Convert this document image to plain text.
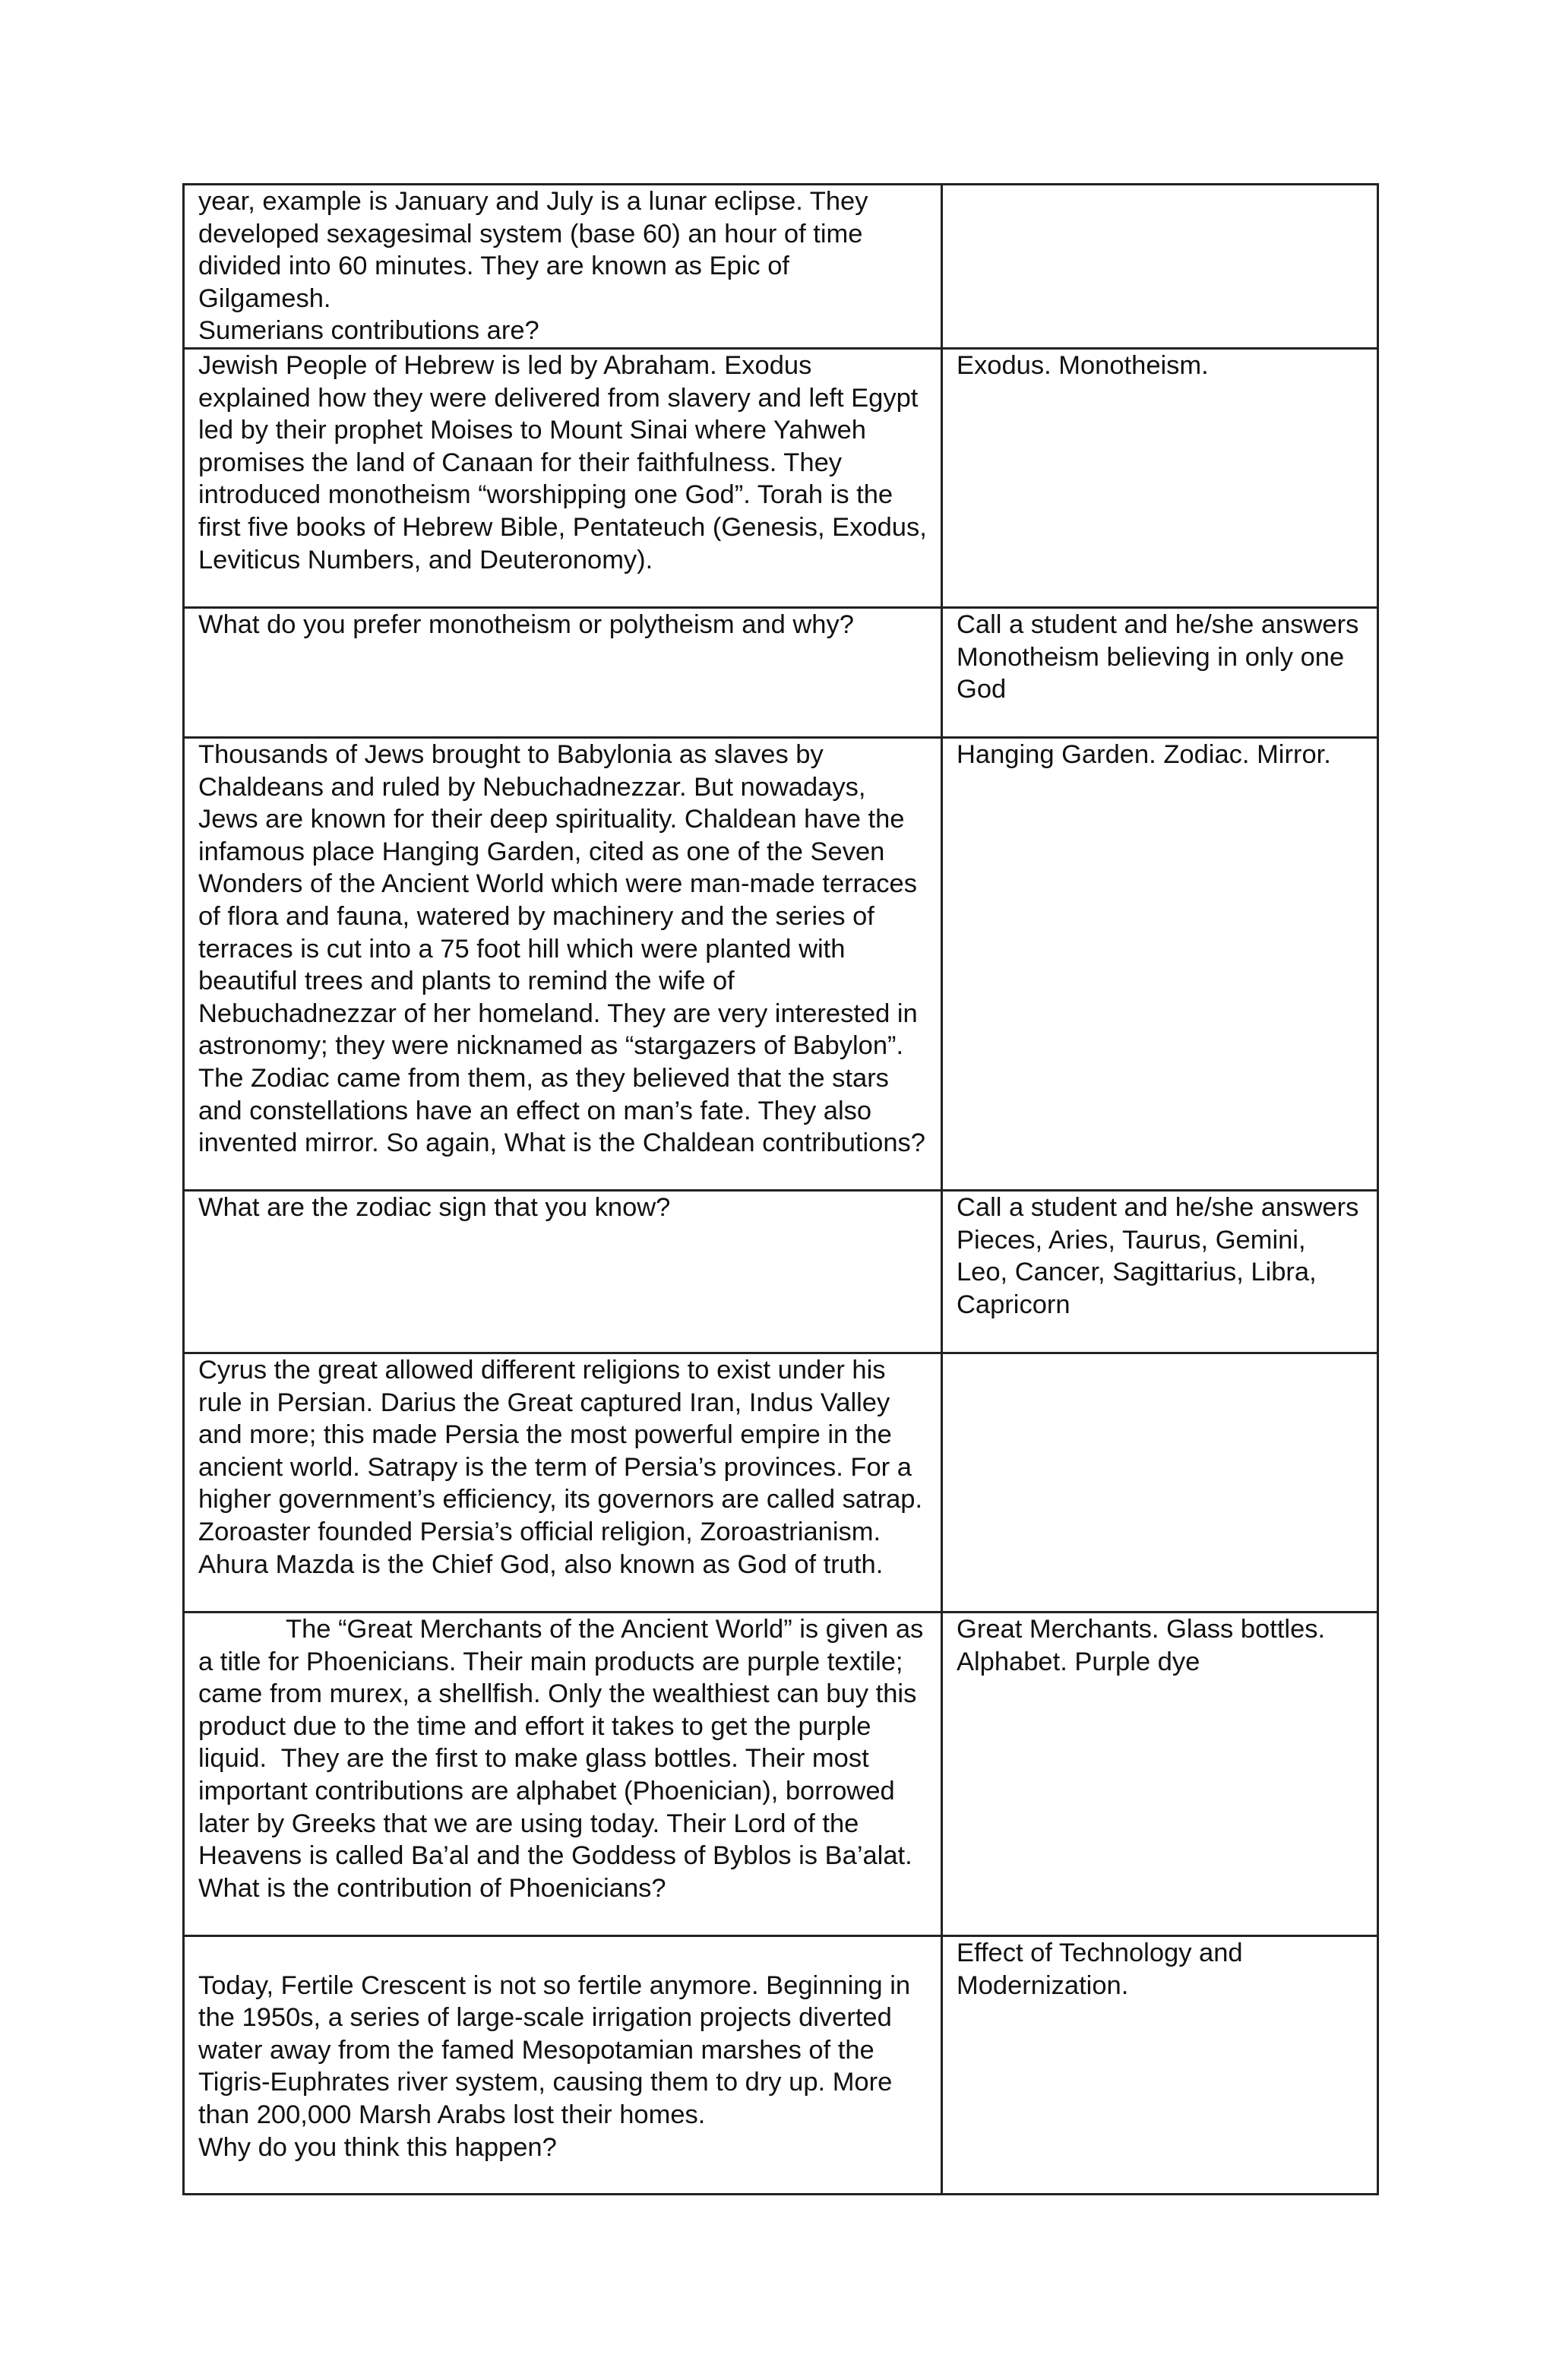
year, example is January and July is a lunar eclipse. They developed sexagesimal system (base 60) an hour of time divided into 60 minutes. They are known as Epic of Gilgamesh.
Sumerians contributions are?	

Jewish People of Hebrew is led by Abraham. Exodus explained how they were delivered from slavery and left Egypt led by their prophet Moises to Mount Sinai where Yahweh promises the land of Canaan for their faithfulness. They introduced monotheism “worshipping one God”. Torah is the first five books of Hebrew Bible, Pentateuch (Genesis, Exodus, Leviticus Numbers, and Deuteronomy).	Exodus. Monotheism.

What do you prefer monotheism or polytheism and why?	Call a student and he/she answers
Monotheism believing in only one God

Thousands of Jews brought to Babylonia as slaves by Chaldeans and ruled by Nebuchadnezzar. But nowadays, Jews are known for their deep spirituality. Chaldean have the infamous place Hanging Garden, cited as one of the Seven Wonders of the Ancient World which were man-made terraces of flora and fauna, watered by machinery and the series of terraces is cut into a 75 foot hill which were planted with beautiful trees and plants to remind the wife of Nebuchadnezzar of her homeland. They are very interested in astronomy; they were nicknamed as “stargazers of Babylon”. The Zodiac came from them, as they believed that the stars and constellations have an effect on man’s fate. They also invented mirror. So again, What is the Chaldean contributions?	Hanging Garden. Zodiac. Mirror.

What are the zodiac sign that you know?	Call a student and he/she answers
Pieces, Aries, Taurus, Gemini, Leo, Cancer, Sagittarius, Libra, Capricorn

Cyrus the great allowed different religions to exist under his rule in Persian. Darius the Great captured Iran, Indus Valley and more; this made Persia the most powerful empire in the ancient world. Satrapy is the term of Persia’s provinces. For a higher government’s efficiency, its governors are called satrap. Zoroaster founded Persia’s official religion, Zoroastrianism. Ahura Mazda is the Chief God, also known as God of truth.	

The “Great Merchants of the Ancient World” is given as a title for Phoenicians. Their main products are purple textile; came from murex, a shellfish. Only the wealthiest can buy this product due to the time and effort it takes to get the purple liquid.  They are the first to make glass bottles. Their most important contributions are alphabet (Phoenician), borrowed later by Greeks that we are using today. Their Lord of the Heavens is called Ba’al and the Goddess of Byblos is Ba’alat.
What is the contribution of Phoenicians?	Great Merchants. Glass bottles. Alphabet. Purple dye

Today, Fertile Crescent is not so fertile anymore. Beginning in the 1950s, a series of large-scale irrigation projects diverted water away from the famed Mesopotamian marshes of the Tigris-Euphrates river system, causing them to dry up. More than 200,000 Marsh Arabs lost their homes.
Why do you think this happen?	Effect of Technology and Modernization.
